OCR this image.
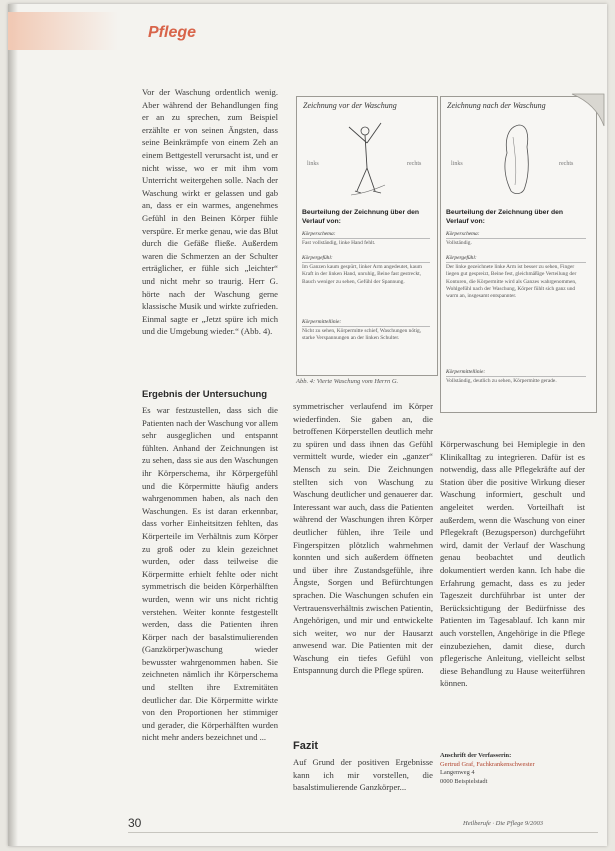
Pflege

Vor der Waschung ordentlich wenig. Aber während der Behandlungen fing er an zu sprechen, zum Beispiel erzählte er von seinen Ängsten, dass seine Beinkrämpfe von einem Zeh an einem Bettgestell verursacht ist, und er nicht wisse, wo er mit ihm vom Unterricht weitergehen solle. Nach der Waschung wirkt er gelassen und gab an, dass er ein warmes, angenehmes Gefühl in den Beinen Körper fühle verspüre. Er merke genau, wie das Blut durch die Gefäße fließe. Außerdem waren die Schmerzen an der Schulter erträglicher, er fühle sich „leichter“ und nicht mehr so traurig. Herr G. hörte nach der Waschung gerne klassische Musik und wirkte zufrieden. Einmal sagte er „Jetzt spüre ich mich und die Umgebung wieder.“ (Abb. 4).

Ergebnis der Untersuchung

Es war festzustellen, dass sich die Patienten nach der Waschung vor allem sehr ausgeglichen und entspannt fühlten. Anhand der Zeichnungen ist zu sehen, dass sie aus den Waschungen ihr Körperschema, ihr Körpergefühl und die Körpermitte häufig anders wahrgenommen haben, als nach den Waschungen. Es ist daran erkennbar, dass vorher Einheitsitzen fehlten, das Körperteile im Verhältnis zum Körper zu groß oder zu klein gezeichnet wurden, oder dass teilweise die Körpermitte erhielt fehlte oder nicht symmetrisch die beiden Körperhälften wurden, wenn wir uns nicht richtig verstehen. Weiter konnte festgestellt werden, dass die Patienten ihren Körper nach der basalstimulierenden (Ganzkörper)waschung wieder bewusster wahrgenommen haben. Sie zeichneten nämlich ihr Körperschema und stellten ihre Extremitäten deutlicher dar. Die Körpermitte wirkte von den Proportionen her stimmiger und gerader, die Körperhälften wurden nicht mehr anders bezeichnet und ...

Zeichnung vor der Waschung
links	rechts
Beurteilung der Zeichnung über den Verlauf von:
Körperschema:
Fast vollständig, linke Hand fehlt.
Körpergefühl:
Im Ganzen kaum gespürt, linker Arm angedeutet, kaum Kraft in der linken Hand, unruhig, Beine fast gestreckt, Bauch weniger zu sehen, Gefühl der Spannung.
Körpermittellinie:
Nicht zu sehen, Körpermitte schief, Waschungen nötig, starke Verspannungen an der linken Schulter.
Zeichnung nach der Waschung
links	rechts
Beurteilung der Zeichnung über den Verlauf von:
Körperschema:
Vollständig.
Körpergefühl:
Der linke gezeichnete linke Arm ist besser zu sehen, Finger liegen gut gespreizt, Beine fest, gleichmäßige Verteilung der Konturen, die Körpermitte wird als Ganzes wahrgenommen, Wohlgefühl nach der Waschung, Körper fühlt sich ganz und warm an, insgesamt entspannter.
Körpermittellinie:
Vollständig, deutlich zu sehen, Körpermitte gerade.
Abb. 4: Vierte Waschung vom Herrn G.

symmetrischer verlaufend im Körper wiederfinden. Sie gaben an, die betroffenen Körperstellen deutlich mehr zu spüren und dass ihnen das Gefühl vermittelt wurde, wieder ein „ganzer“ Mensch zu sein. Die Zeichnungen stellten sich von Waschung zu Waschung deutlicher und genauerer dar. Interessant war auch, dass die Patienten während der Waschungen ihren Körper deutlicher fühlen, ihre Teile und Fingerspitzen plötzlich wahrnehmen konnten und sich außerdem öffneten und über ihre Zustandsgefühle, ihre Ängste, Sorgen und Befürchtungen sprachen. Die Waschungen schufen ein Vertrauensverhältnis zwischen Patientin, Angehörigen, und mir und entwickelte sich weiter, wo nur der Hausarzt anwesend war. Die Patienten mit der Waschung ein tiefes Gefühl von Entspannung durch die Pflege spüren.

Fazit

Auf Grund der positiven Ergebnisse kann ich mir vorstellen, die basalstimulierende Ganzkörper...

Körperwaschung bei Hemiplegie in den Klinikalltag zu integrieren. Dafür ist es notwendig, dass alle Pflegekräfte auf der Station über die positive Wirkung dieser Waschung informiert, geschult und angeleitet werden. Vorteilhaft ist außerdem, wenn die Waschung von einer Pflegekraft (Bezugsperson) durchgeführt wird, damit der Verlauf der Waschung genau beobachtet und deutlich dokumentiert werden kann. Ich habe die Erfahrung gemacht, dass es zu jeder Tageszeit durchführbar ist unter der Berücksichtigung der Bedürfnisse des Patienten im Tagesablauf. Ich kann mir auch vorstellen, Angehörige in die Pflege einzubeziehen, damit diese, durch pflegerische Anleitung, vielleicht selbst diese Behandlung zu Hause weiterführen können.

Anschrift der Verfasserin:
Gertrud Graf, Fachkrankenschwester
Langenweg 4
0000 Beispielstadt
30	Heilberufe · Die Pflege 9/2003
